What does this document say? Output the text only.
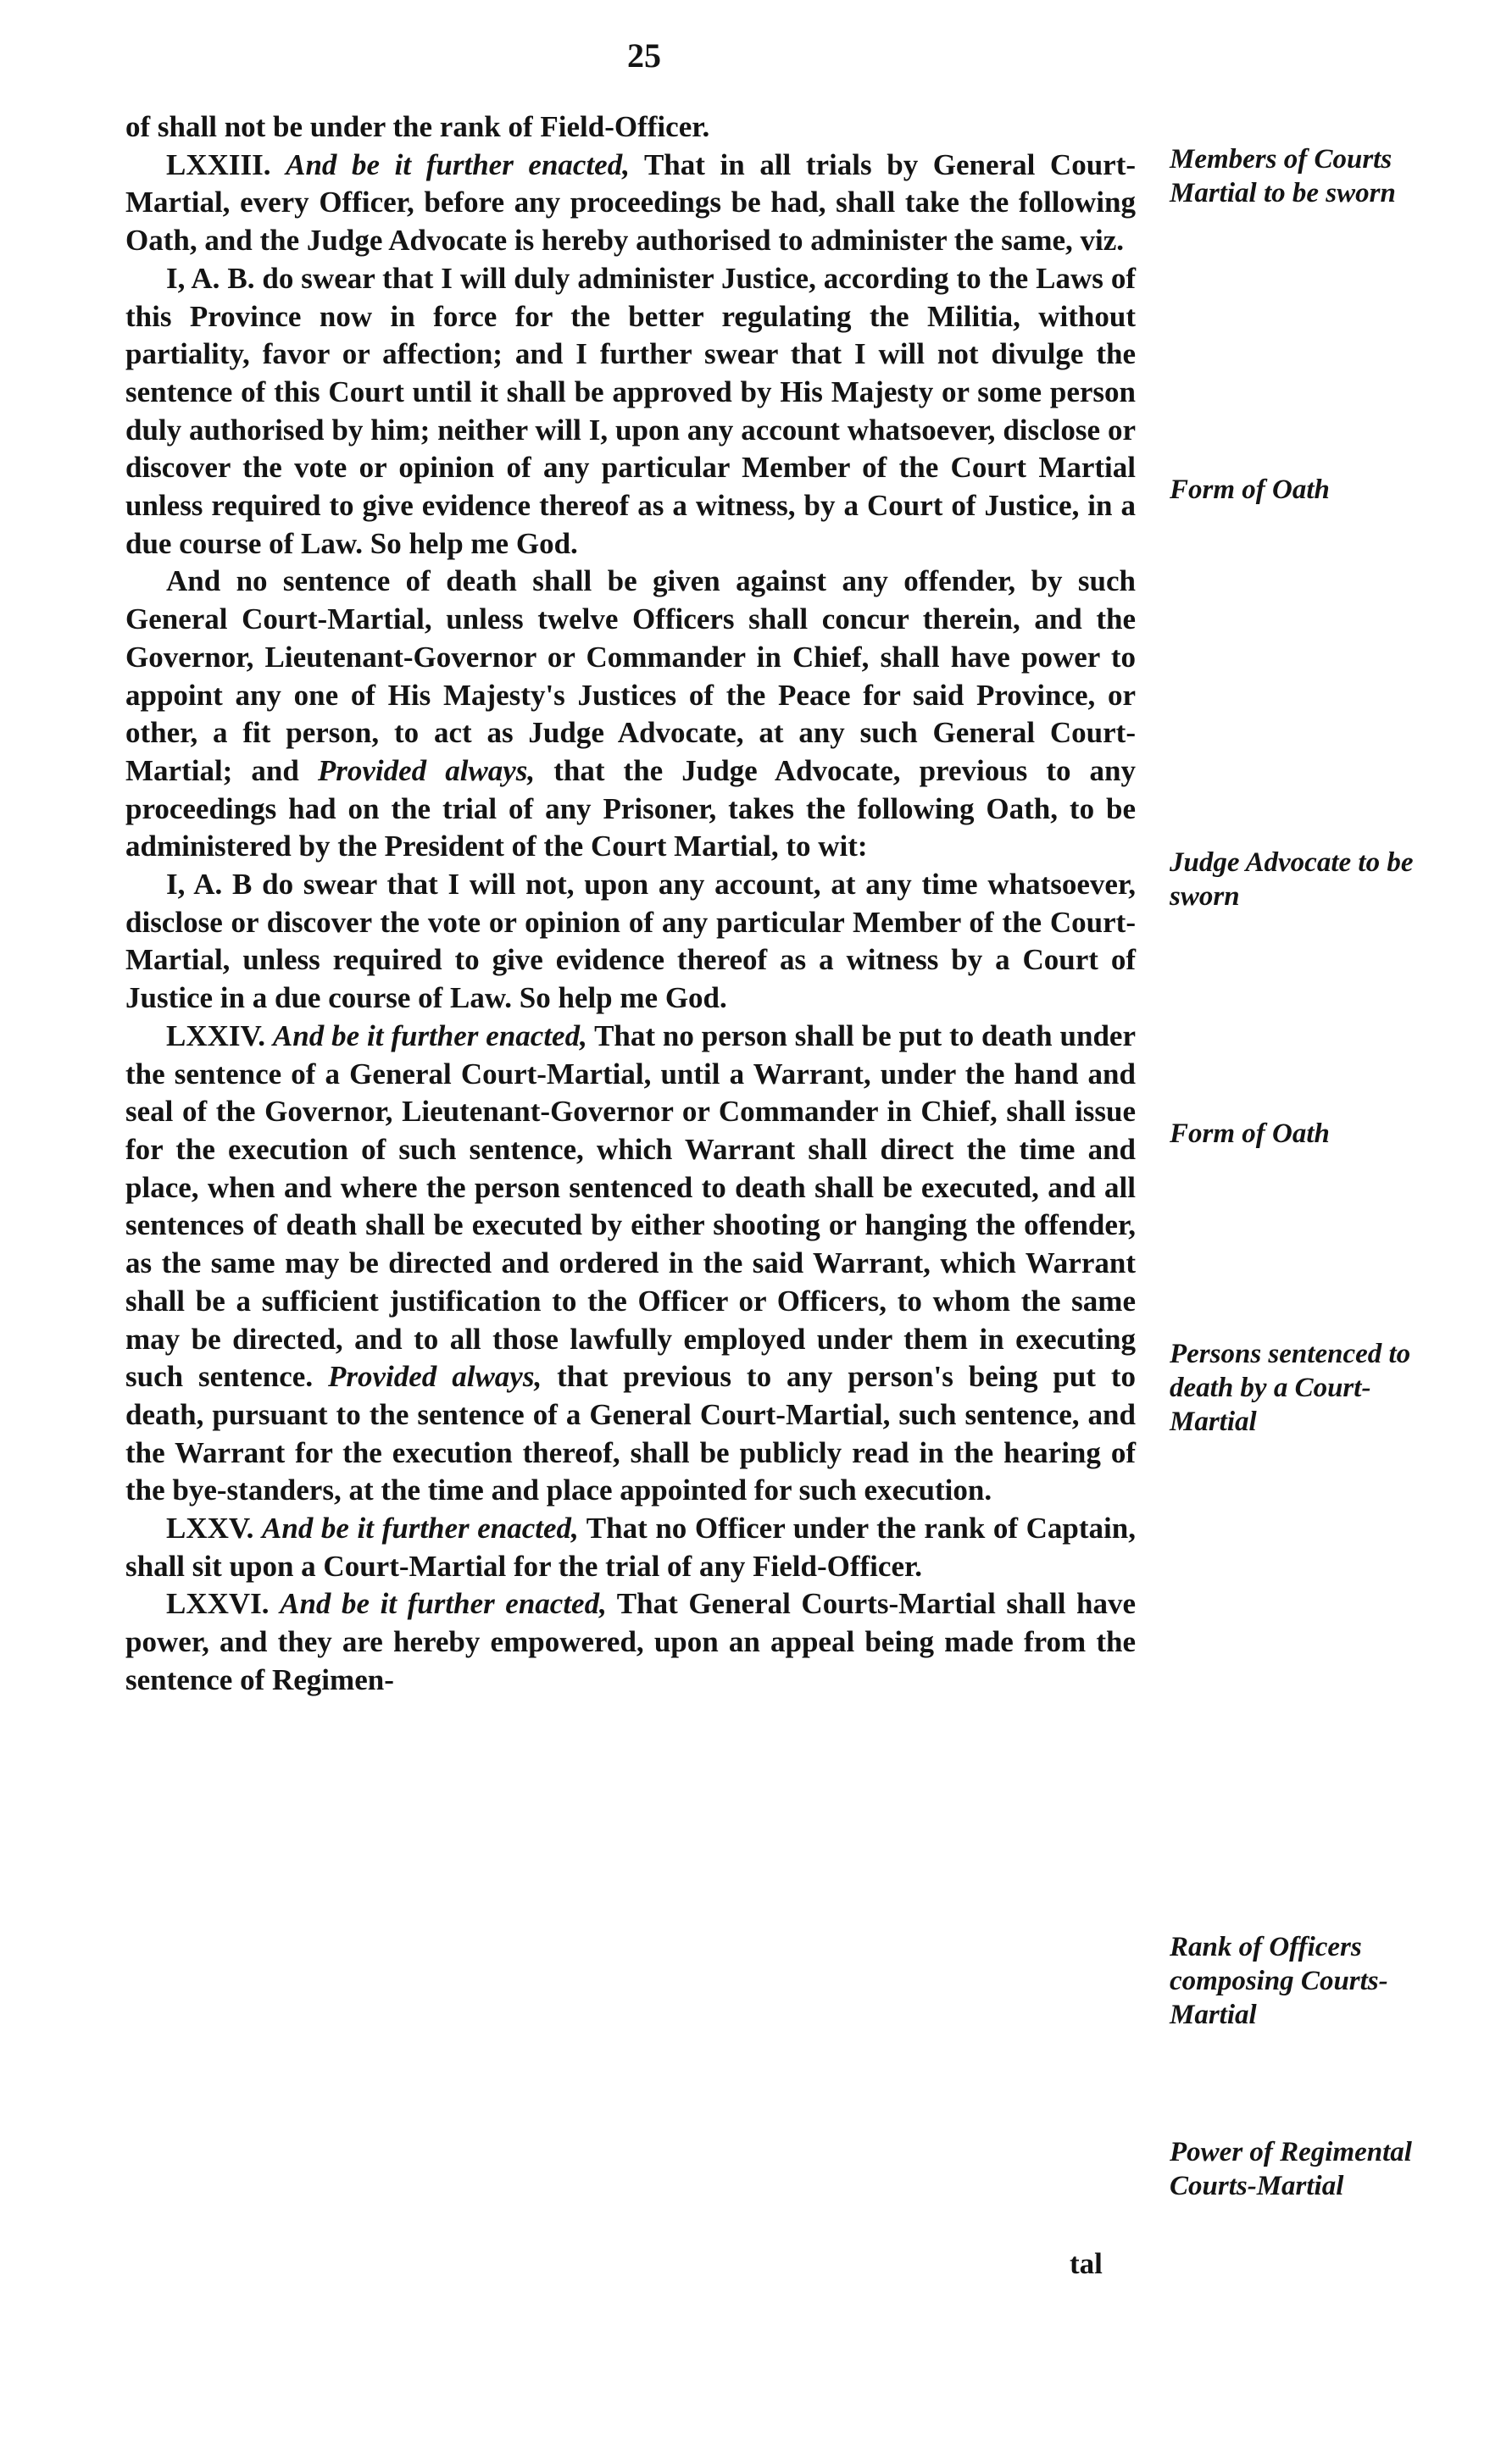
25

of shall not be under the rank of Field-Officer.

LXXIII. And be it further enacted, That in all trials by General Court-Martial, every Officer, before any proceedings be had, shall take the following Oath, and the Judge Advocate is hereby authorised to administer the same, viz.

I, A. B. do swear that I will duly administer Justice, according to the Laws of this Province now in force for the better regulating the Militia, without partiality, favor or affection; and I further swear that I will not divulge the sentence of this Court until it shall be approved by His Majesty or some person duly authorised by him; neither will I, upon any account whatsoever, disclose or discover the vote or opinion of any particular Member of the Court Martial unless required to give evidence thereof as a witness, by a Court of Justice, in a due course of Law. So help me God.

And no sentence of death shall be given against any offender, by such General Court-Martial, unless twelve Officers shall concur therein, and the Governor, Lieutenant-Governor or Commander in Chief, shall have power to appoint any one of His Majesty's Justices of the Peace for said Province, or other, a fit person, to act as Judge Advocate, at any such General Court-Martial; and Provided always, that the Judge Advocate, previous to any proceedings had on the trial of any Prisoner, takes the following Oath, to be administered by the President of the Court Martial, to wit:

I, A. B do swear that I will not, upon any account, at any time whatsoever, disclose or discover the vote or opinion of any particular Member of the Court-Martial, unless required to give evidence thereof as a witness by a Court of Justice in a due course of Law. So help me God.

LXXIV. And be it further enacted, That no person shall be put to death under the sentence of a General Court-Martial, until a Warrant, under the hand and seal of the Governor, Lieutenant-Governor or Commander in Chief, shall issue for the execution of such sentence, which Warrant shall direct the time and place, when and where the person sentenced to death shall be executed, and all sentences of death shall be executed by either shooting or hanging the offender, as the same may be directed and ordered in the said Warrant, which Warrant shall be a sufficient justification to the Officer or Officers, to whom the same may be directed, and to all those lawfully employed under them in executing such sentence. Provided always, that previous to any person's being put to death, pursuant to the sentence of a General Court-Martial, such sentence, and the Warrant for the execution thereof, shall be publicly read in the hearing of the bye-standers, at the time and place appointed for such execution.

LXXV. And be it further enacted, That no Officer under the rank of Captain, shall sit upon a Court-Martial for the trial of any Field-Officer.

LXXVI. And be it further enacted, That General Courts-Martial shall have power, and they are hereby empowered, upon an appeal being made from the sentence of Regimen-

tal
Members of Courts Martial to be sworn
Form of Oath
Judge Advocate to be sworn
Form of Oath
Persons sentenced to death by a Court-Martial
Rank of Officers composing Courts-Martial
Power of Regimental Courts-Martial
